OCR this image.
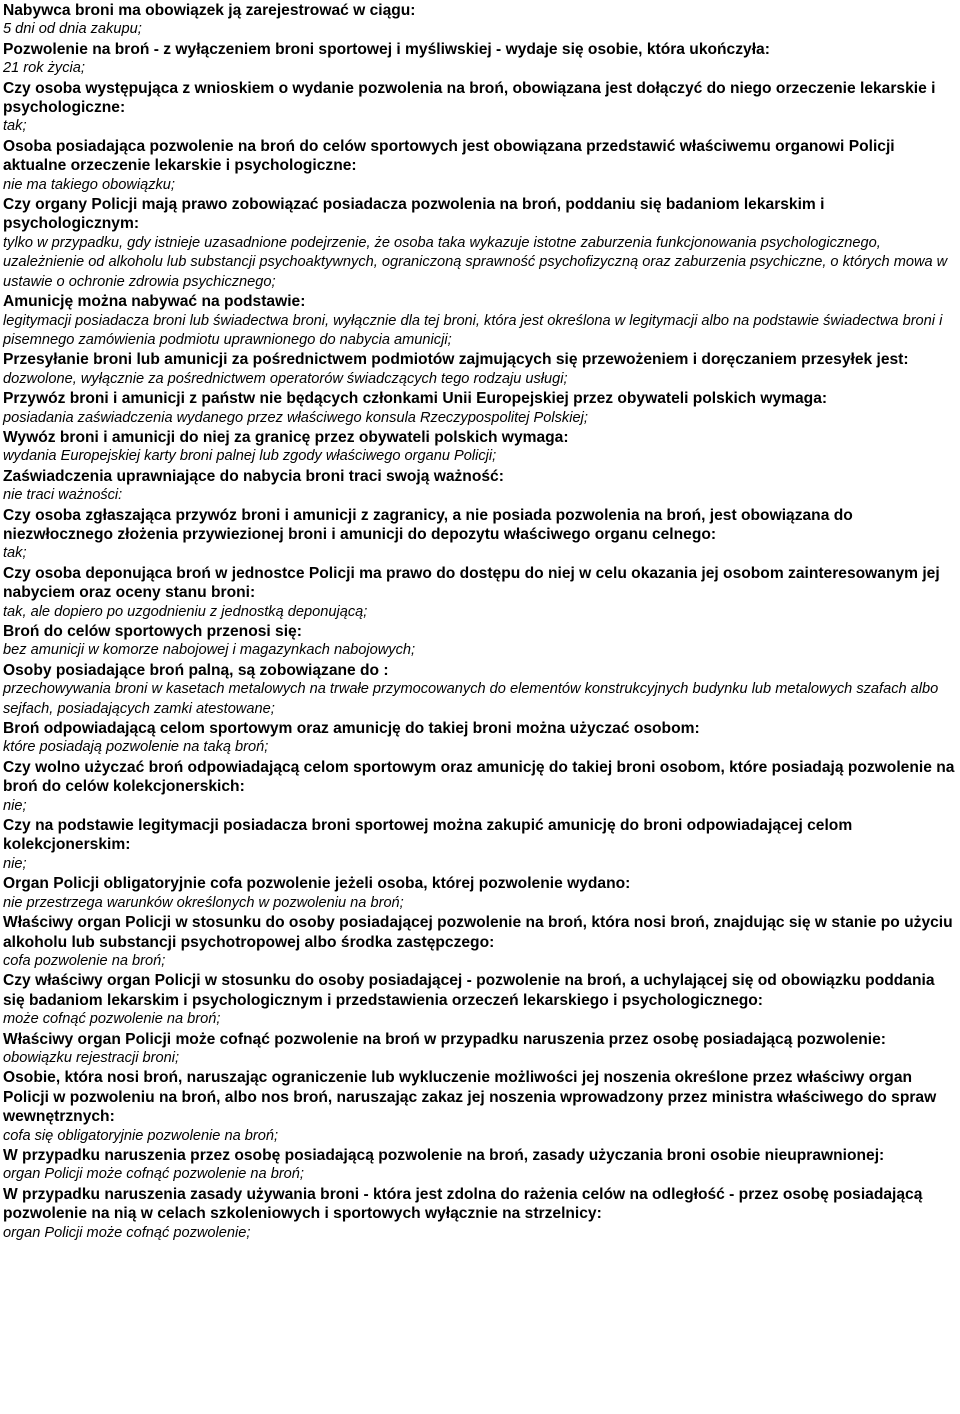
Nabywca broni ma obowiązek ją zarejestrować w ciągu:

5 dni od dnia zakupu;

Pozwolenie na broń - z wyłączeniem broni sportowej i myśliwskiej - wydaje się osobie, która ukończyła:

21 rok życia;

Czy osoba występująca z wnioskiem o wydanie pozwolenia na broń, obowiązana jest dołączyć do niego orzeczenie lekarskie i psychologiczne:

tak;

Osoba posiadająca pozwolenie na broń do celów sportowych jest obowiązana przedstawić właściwemu organowi Policji aktualne orzeczenie lekarskie i psychologiczne:

nie ma takiego obowiązku;

Czy organy Policji mają prawo zobowiązać posiadacza pozwolenia na broń, poddaniu się badaniom lekarskim i psychologicznym:

tylko w przypadku, gdy istnieje uzasadnione podejrzenie, że osoba taka wykazuje istotne zaburzenia funkcjonowania psychologicznego, uzależnienie od alkoholu lub substancji psychoaktywnych, ograniczoną sprawność psychofizyczną oraz zaburzenia psychiczne, o których mowa w ustawie o ochronie zdrowia psychicznego;

Amunicję można nabywać na podstawie:

legitymacji posiadacza broni lub świadectwa broni, wyłącznie dla tej broni, która jest określona w legitymacji albo na podstawie świadectwa broni i pisemnego zamówienia podmiotu uprawnionego do nabycia amunicji;

Przesyłanie broni lub amunicji za pośrednictwem podmiotów zajmujących się przewożeniem i doręczaniem przesyłek jest:

dozwolone, wyłącznie za pośrednictwem operatorów świadczących tego rodzaju usługi;

Przywóz broni i amunicji z państw nie będących członkami Unii Europejskiej przez obywateli polskich wymaga:

posiadania zaświadczenia wydanego przez właściwego konsula Rzeczypospolitej Polskiej;

Wywóz broni i amunicji do niej za granicę przez obywateli polskich wymaga:

wydania Europejskiej karty broni palnej lub zgody właściwego organu Policji;

Zaświadczenia uprawniające do nabycia broni traci swoją ważność:

nie traci ważności:

Czy osoba zgłaszająca przywóz broni i amunicji z zagranicy, a nie posiada pozwolenia na broń, jest obowiązana do niezwłocznego złożenia przywiezionej broni i amunicji do depozytu właściwego organu celnego:

tak;

Czy osoba deponująca broń w jednostce Policji ma prawo do dostępu do niej w celu okazania jej osobom zainteresowanym jej nabyciem oraz oceny stanu broni:

tak, ale dopiero po uzgodnieniu z jednostką deponującą;

Broń do celów sportowych przenosi się:

bez amunicji w komorze nabojowej i magazynkach nabojowych;

Osoby posiadające broń palną, są zobowiązane do :

przechowywania broni w kasetach metalowych na trwałe przymocowanych do elementów konstrukcyjnych budynku lub metalowych szafach albo sejfach, posiadających zamki atestowane;

Broń odpowiadającą celom sportowym oraz amunicję do takiej broni można użyczać osobom:

które posiadają pozwolenie na taką broń;

Czy wolno użyczać broń odpowiadającą celom sportowym oraz amunicję do takiej broni osobom, które posiadają pozwolenie na broń do celów kolekcjonerskich:

nie;

Czy na podstawie legitymacji posiadacza broni sportowej można zakupić amunicję do broni odpowiadającej celom kolekcjonerskim:

nie;

Organ Policji obligatoryjnie cofa pozwolenie jeżeli osoba, której pozwolenie wydano:

nie przestrzega warunków określonych w pozwoleniu na broń;

Właściwy organ Policji w stosunku do osoby posiadającej pozwolenie na broń, która nosi broń, znajdując się w stanie po użyciu alkoholu lub substancji psychotropowej albo środka zastępczego:

cofa pozwolenie na broń;

Czy właściwy organ Policji w stosunku do osoby posiadającej - pozwolenie na broń, a uchylającej się od obowiązku poddania się badaniom lekarskim i psychologicznym i przedstawienia orzeczeń lekarskiego i psychologicznego:

może cofnąć pozwolenie na broń;

Właściwy organ Policji może cofnąć pozwolenie na broń w przypadku naruszenia przez osobę posiadającą pozwolenie:

obowiązku rejestracji broni;

Osobie, która nosi broń, naruszając ograniczenie lub wykluczenie możliwości jej noszenia określone przez właściwy organ Policji w pozwoleniu na broń, albo nos broń, naruszając zakaz jej noszenia wprowadzony przez ministra właściwego do spraw wewnętrznych:

cofa się obligatoryjnie pozwolenie na broń;

W przypadku naruszenia przez osobę posiadającą pozwolenie na broń, zasady użyczania broni osobie nieuprawnionej:

organ Policji może cofnąć pozwolenie na broń;

W przypadku naruszenia zasady używania broni - która jest zdolna do rażenia celów na odległość - przez osobę posiadającą pozwolenie na nią w celach szkoleniowych i sportowych wyłącznie na strzelnicy:

organ Policji może cofnąć pozwolenie;
